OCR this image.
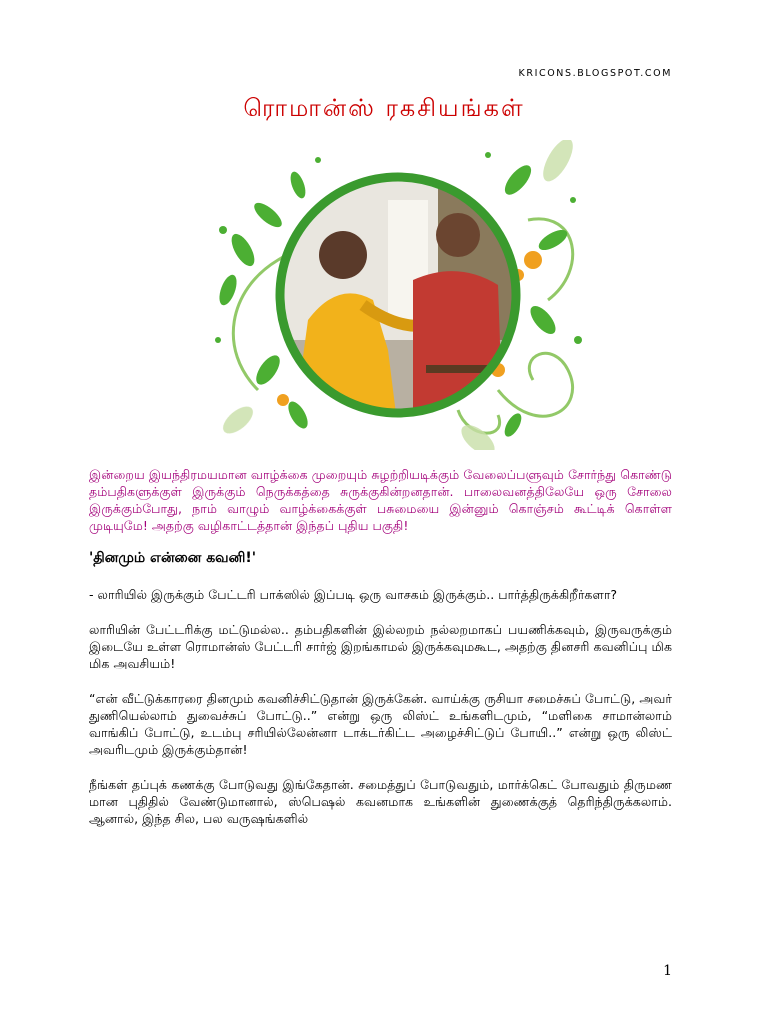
KRICONS.BLOGSPOT.COM
ரொமான்ஸ் ரகசியங்கள்

இன்றைய இயந்திரமயமான வாழ்க்கை முறையும் சுழற்றியடிக்கும் வேலைப்பளுவும் சோர்ந்து கொண்டு தம்பதிகளுக்குள் இருக்கும் நெருக்கத்தை சுருக்குகின்றனதான். பாலைவனத்திலேயே ஒரு சோலை இருக்கும்போது, நாம் வாழும் வாழ்க்கைக்குள் பசுமையை இன்னும் கொஞ்சம் கூட்டிக் கொள்ள முடியுமே! அதற்கு வழிகாட்டத்தான் இந்தப் புதிய பகுதி!

'தினமும் என்னை கவனி!'

- லாரியில் இருக்கும் பேட்டரி பாக்ஸில் இப்படி ஒரு வாசகம் இருக்கும்.. பார்த்திருக்கிறீர்களா?

லாரியின் பேட்டரிக்கு மட்டுமல்ல.. தம்பதிகளின் இல்லறம் நல்லறமாகப் பயணிக்கவும், இருவருக்கும் இடையே உள்ள ரொமான்ஸ் பேட்டரி சார்ஜ் இறங்காமல் இருக்கவுமகூட, அதற்கு தினசரி கவனிப்பு மிக மிக அவசியம்!

“என் வீட்டுக்காரரை தினமும் கவனிச்சிட்டுதான் இருக்கேன். வாய்க்கு ருசியா சமைச்சுப் போட்டு, அவர் துணியெல்லாம் துவைச்சுப் போட்டு..” என்று ஒரு லிஸ்ட் உங்களிடமும், “மளிகை சாமான்லாம் வாங்கிப் போட்டு, உடம்பு சரியில்லேன்னா டாக்டர்கிட்ட அழைச்சிட்டுப் போயி..” என்று ஒரு லிஸ்ட் அவரிடமும் இருக்கும்தான்!

நீங்கள் தப்புக் கணக்கு போடுவது இங்கேதான். சமைத்துப் போடுவதும், மார்க்கெட் போவதும் திருமண மான புதிதில் வேண்டுமானால், ஸ்பெஷல் கவனமாக உங்களின் துணைக்குத் தெரிந்திருக்கலாம். ஆனால், இந்த சில, பல வருஷங்களில்

1
